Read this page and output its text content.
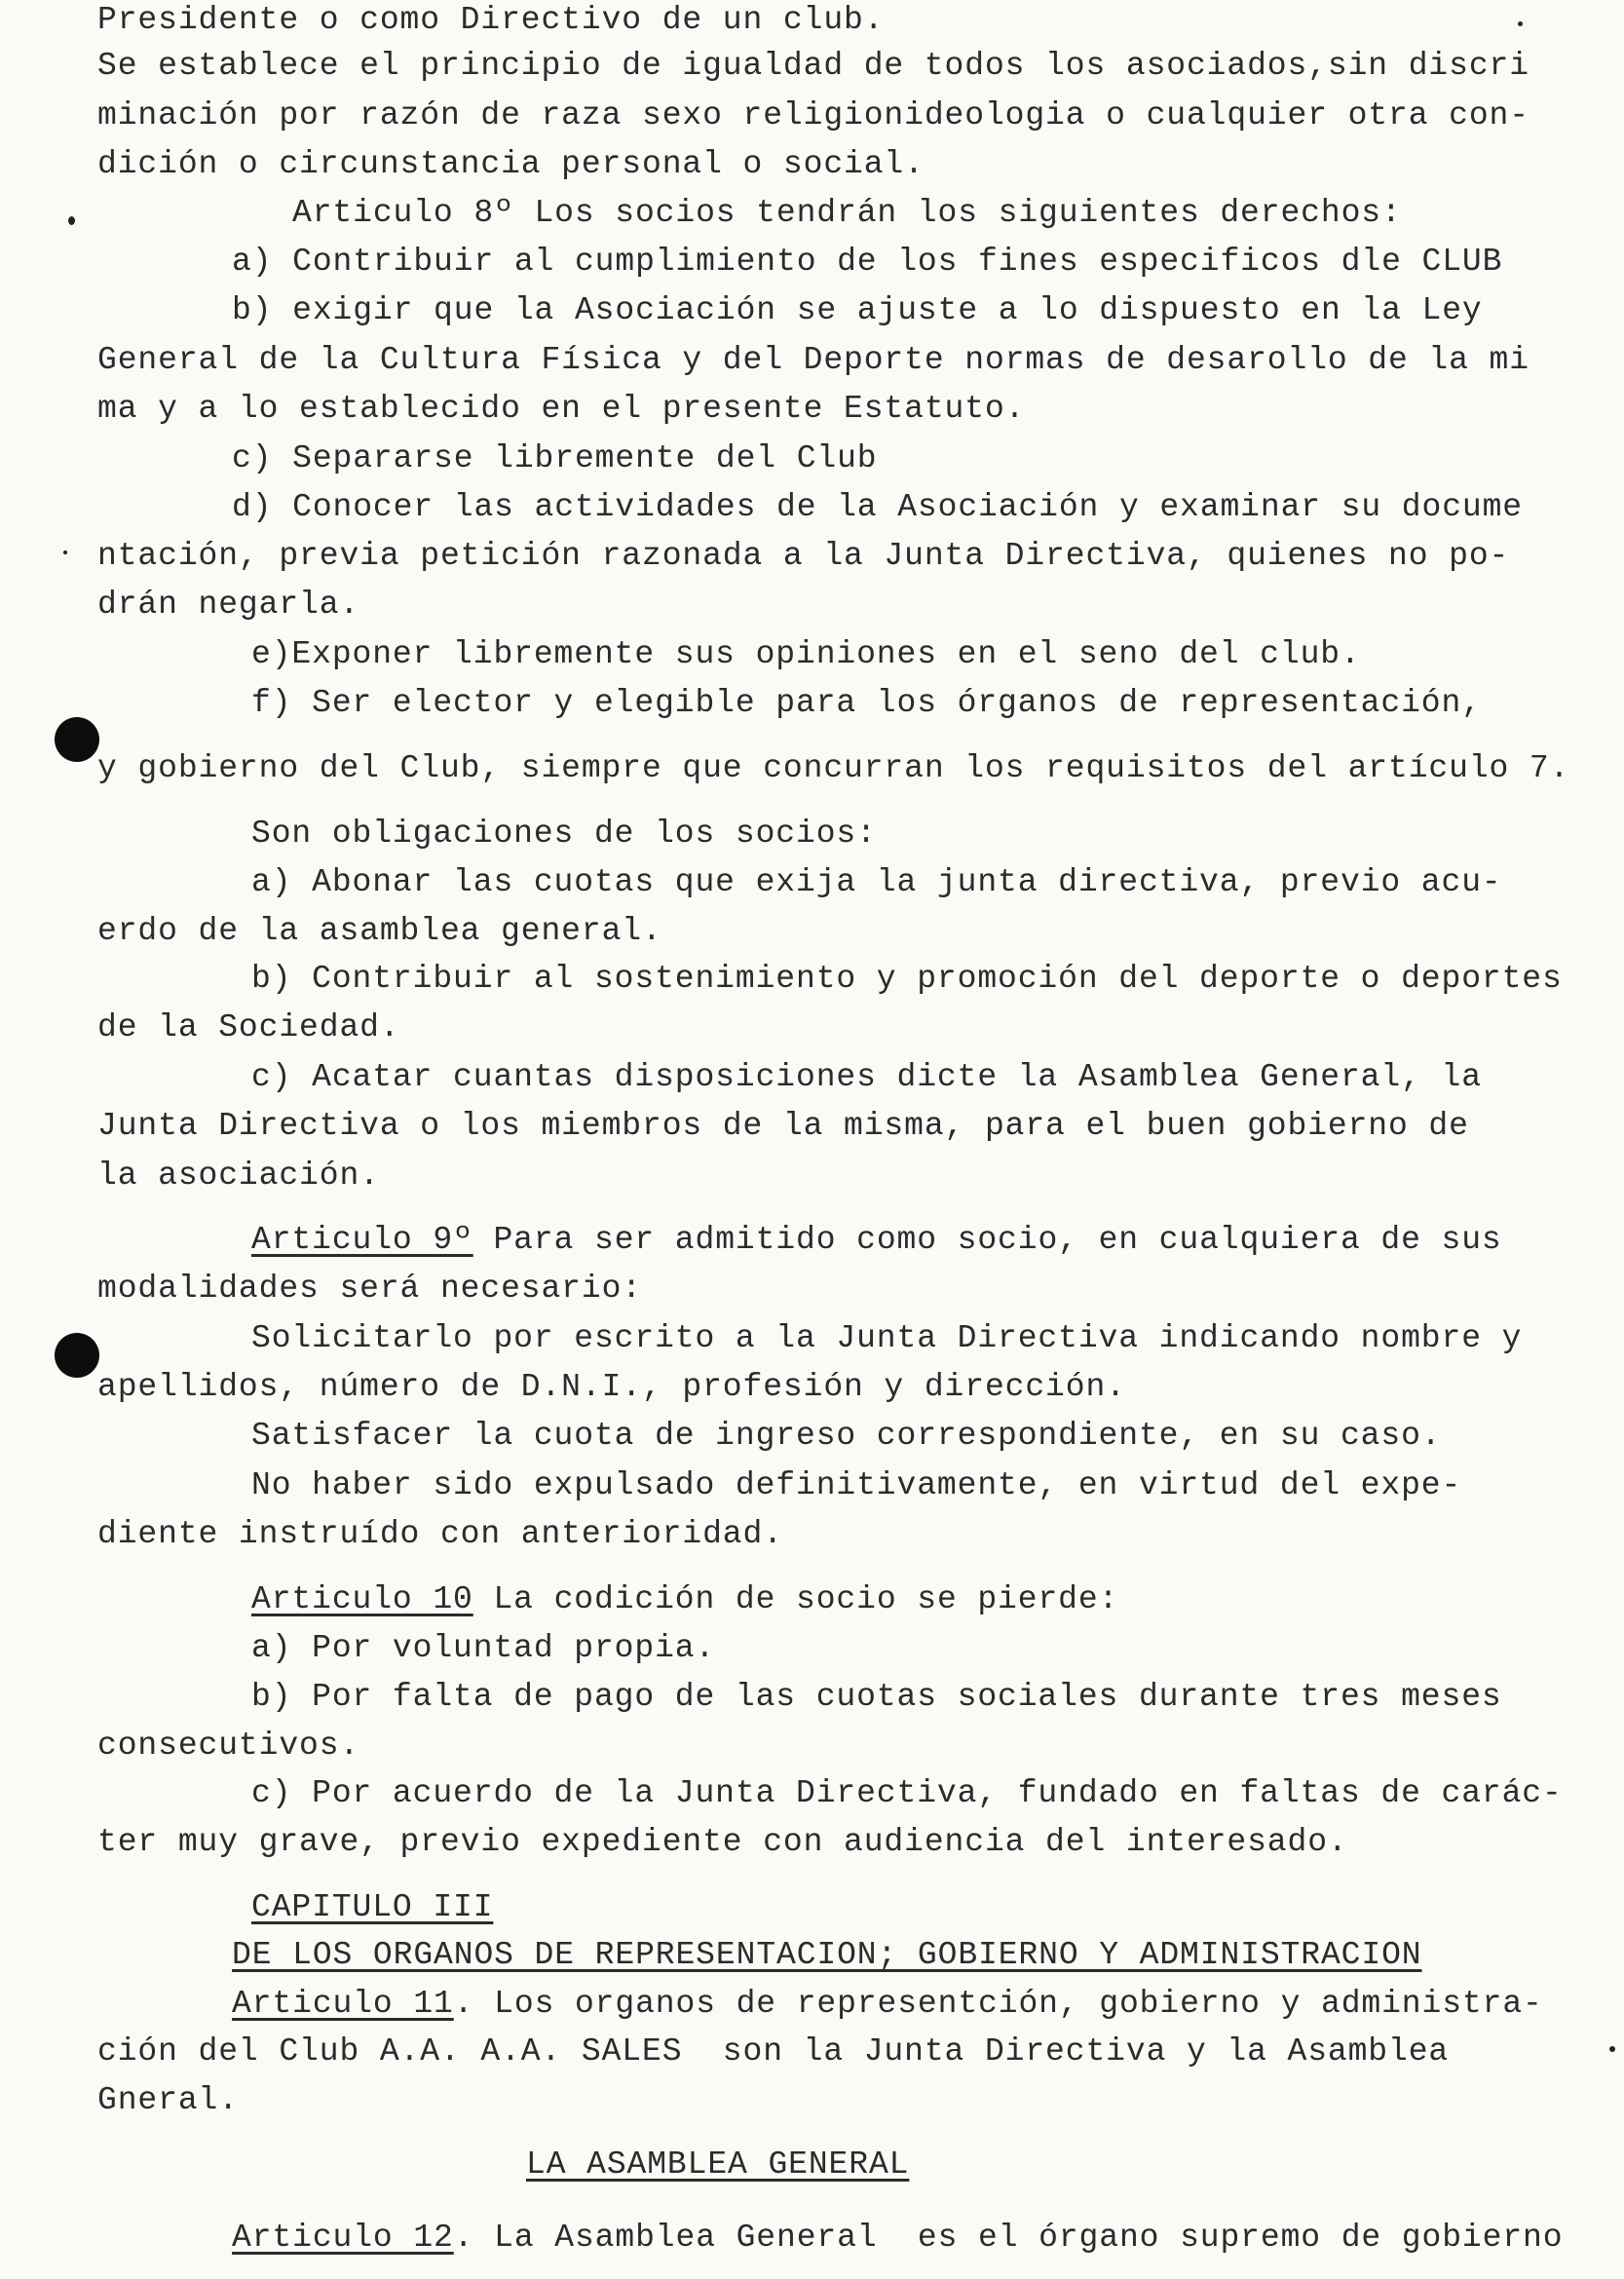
Presidente o como Directivo de un club.
Se establece el principio de igualdad de todos los asociados,sin discri
minación por razón de raza sexo religionideologia o cualquier otra con-
dición o circunstancia personal o social.
Articulo 8º Los socios tendrán los siguientes derechos:
a) Contribuir al cumplimiento de los fines especificos dle CLUB
b) exigir que la Asociación se ajuste a lo dispuesto en la Ley
General de la Cultura Física y del Deporte normas de desarollo de la mi
ma y a lo establecido en el presente Estatuto.
c) Separarse libremente del Club
d) Conocer las actividades de la Asociación y examinar su docume
ntación, previa petición razonada a la Junta Directiva, quienes no po-
drán negarla.
e)Exponer libremente sus opiniones en el seno del club.
f) Ser elector y elegible para los órganos de representación,
y gobierno del Club, siempre que concurran los requisitos del artículo 7.
Son obligaciones de los socios:
a) Abonar las cuotas que exija la junta directiva, previo acu-
erdo de la asamblea general.
b) Contribuir al sostenimiento y promoción del deporte o deportes
de la Sociedad.
c) Acatar cuantas disposiciones dicte la Asamblea General, la
Junta Directiva o los miembros de la misma, para el buen gobierno de
la asociación.
Articulo 9º Para ser admitido como socio, en cualquiera de sus
modalidades será necesario:
Solicitarlo por escrito a la Junta Directiva indicando nombre y
apellidos, número de D.N.I., profesión y dirección.
Satisfacer la cuota de ingreso correspondiente, en su caso.
No haber sido expulsado definitivamente, en virtud del expe-
diente instruído con anterioridad.
Articulo 10 La codición de socio se pierde:
a) Por voluntad propia.
b) Por falta de pago de las cuotas sociales durante tres meses
consecutivos.
c) Por acuerdo de la Junta Directiva, fundado en faltas de carác-
ter muy grave, previo expediente con audiencia del interesado.
CAPITULO III
DE LOS ORGANOS DE REPRESENTACION; GOBIERNO Y ADMINISTRACION
Articulo 11. Los organos de representción, gobierno y administra-
ción del Club A.A. A.A. SALES  son la Junta Directiva y la Asamblea
Gneral.
LA ASAMBLEA GENERAL
Articulo 12. La Asamblea General  es el órgano supremo de gobierno
